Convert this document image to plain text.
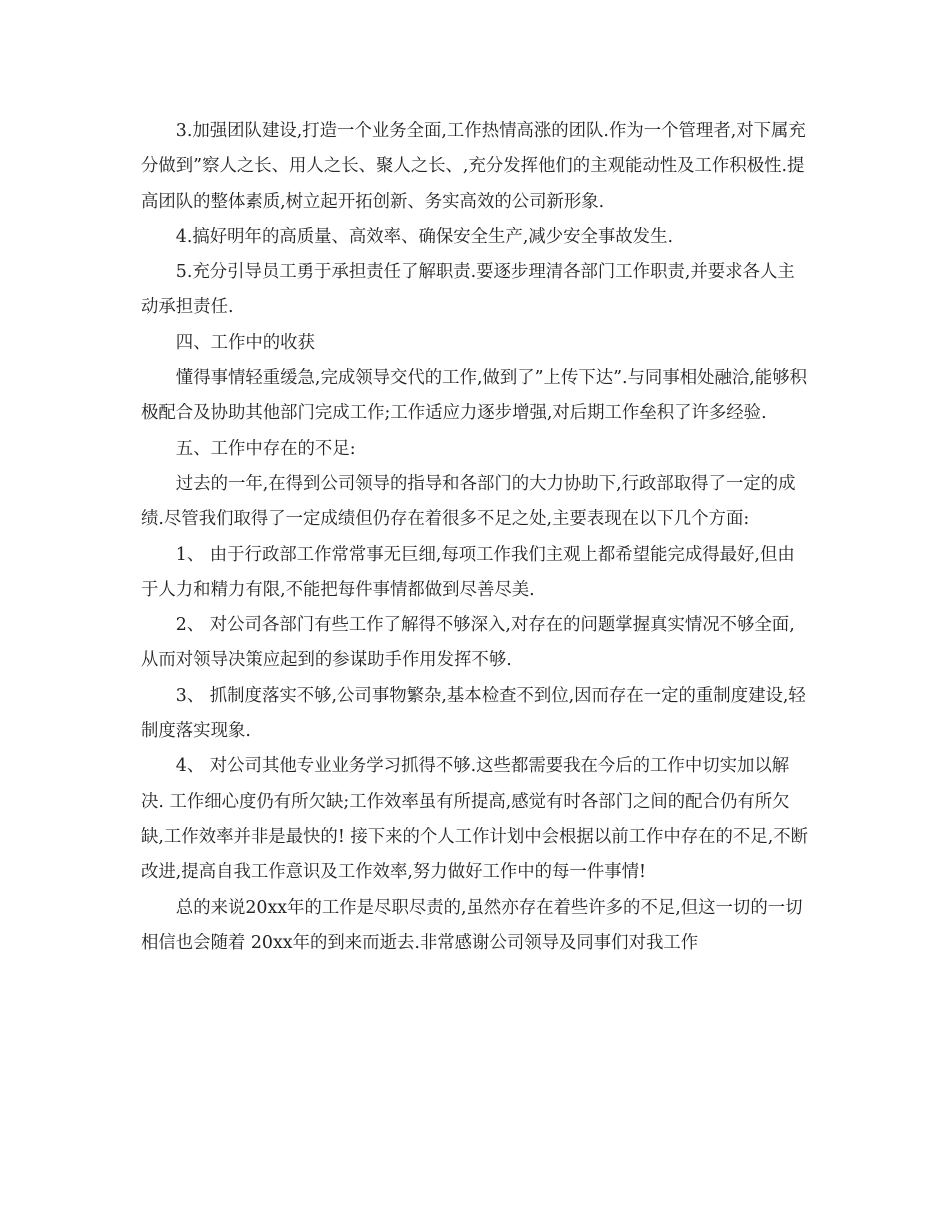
3.加强团队建设,打造一个业务全面,工作热情高涨的团队.作为一个管理者,对下属充分做到”察人之长、用人之长、聚人之长、,充分发挥他们的主观能动性及工作积极性.提高团队的整体素质,树立起开拓创新、务实高效的公司新形象.

4.搞好明年的高质量、高效率、确保安全生产,减少安全事故发生.

5.充分引导员工勇于承担责任了解职责.要逐步理清各部门工作职责,并要求各人主动承担责任.

四、工作中的收获

懂得事情轻重缓急,完成领导交代的工作,做到了”上传下达”.与同事相处融洽,能够积极配合及协助其他部门完成工作;工作适应力逐步增强,对后期工作垒积了许多经验.

五、工作中存在的不足:

过去的一年,在得到公司领导的指导和各部门的大力协助下,行政部取得了一定的成绩.尽管我们取得了一定成绩但仍存在着很多不足之处,主要表现在以下几个方面:

1、 由于行政部工作常常事无巨细,每项工作我们主观上都希望能完成得最好,但由于人力和精力有限,不能把每件事情都做到尽善尽美.

2、 对公司各部门有些工作了解得不够深入,对存在的问题掌握真实情况不够全面,从而对领导决策应起到的参谋助手作用发挥不够.

3、 抓制度落实不够,公司事物繁杂,基本检查不到位,因而存在一定的重制度建设,轻制度落实现象.

4、 对公司其他专业业务学习抓得不够.这些都需要我在今后的工作中切实加以解决. 工作细心度仍有所欠缺;工作效率虽有所提高,感觉有时各部门之间的配合仍有所欠缺,工作效率并非是最快的! 接下来的个人工作计划中会根据以前工作中存在的不足,不断改进,提高自我工作意识及工作效率,努力做好工作中的每一件事情!

总的来说20xx年的工作是尽职尽责的,虽然亦存在着些许多的不足,但这一切的一切相信也会随着 20xx年的到来而逝去.非常感谢公司领导及同事们对我工作
